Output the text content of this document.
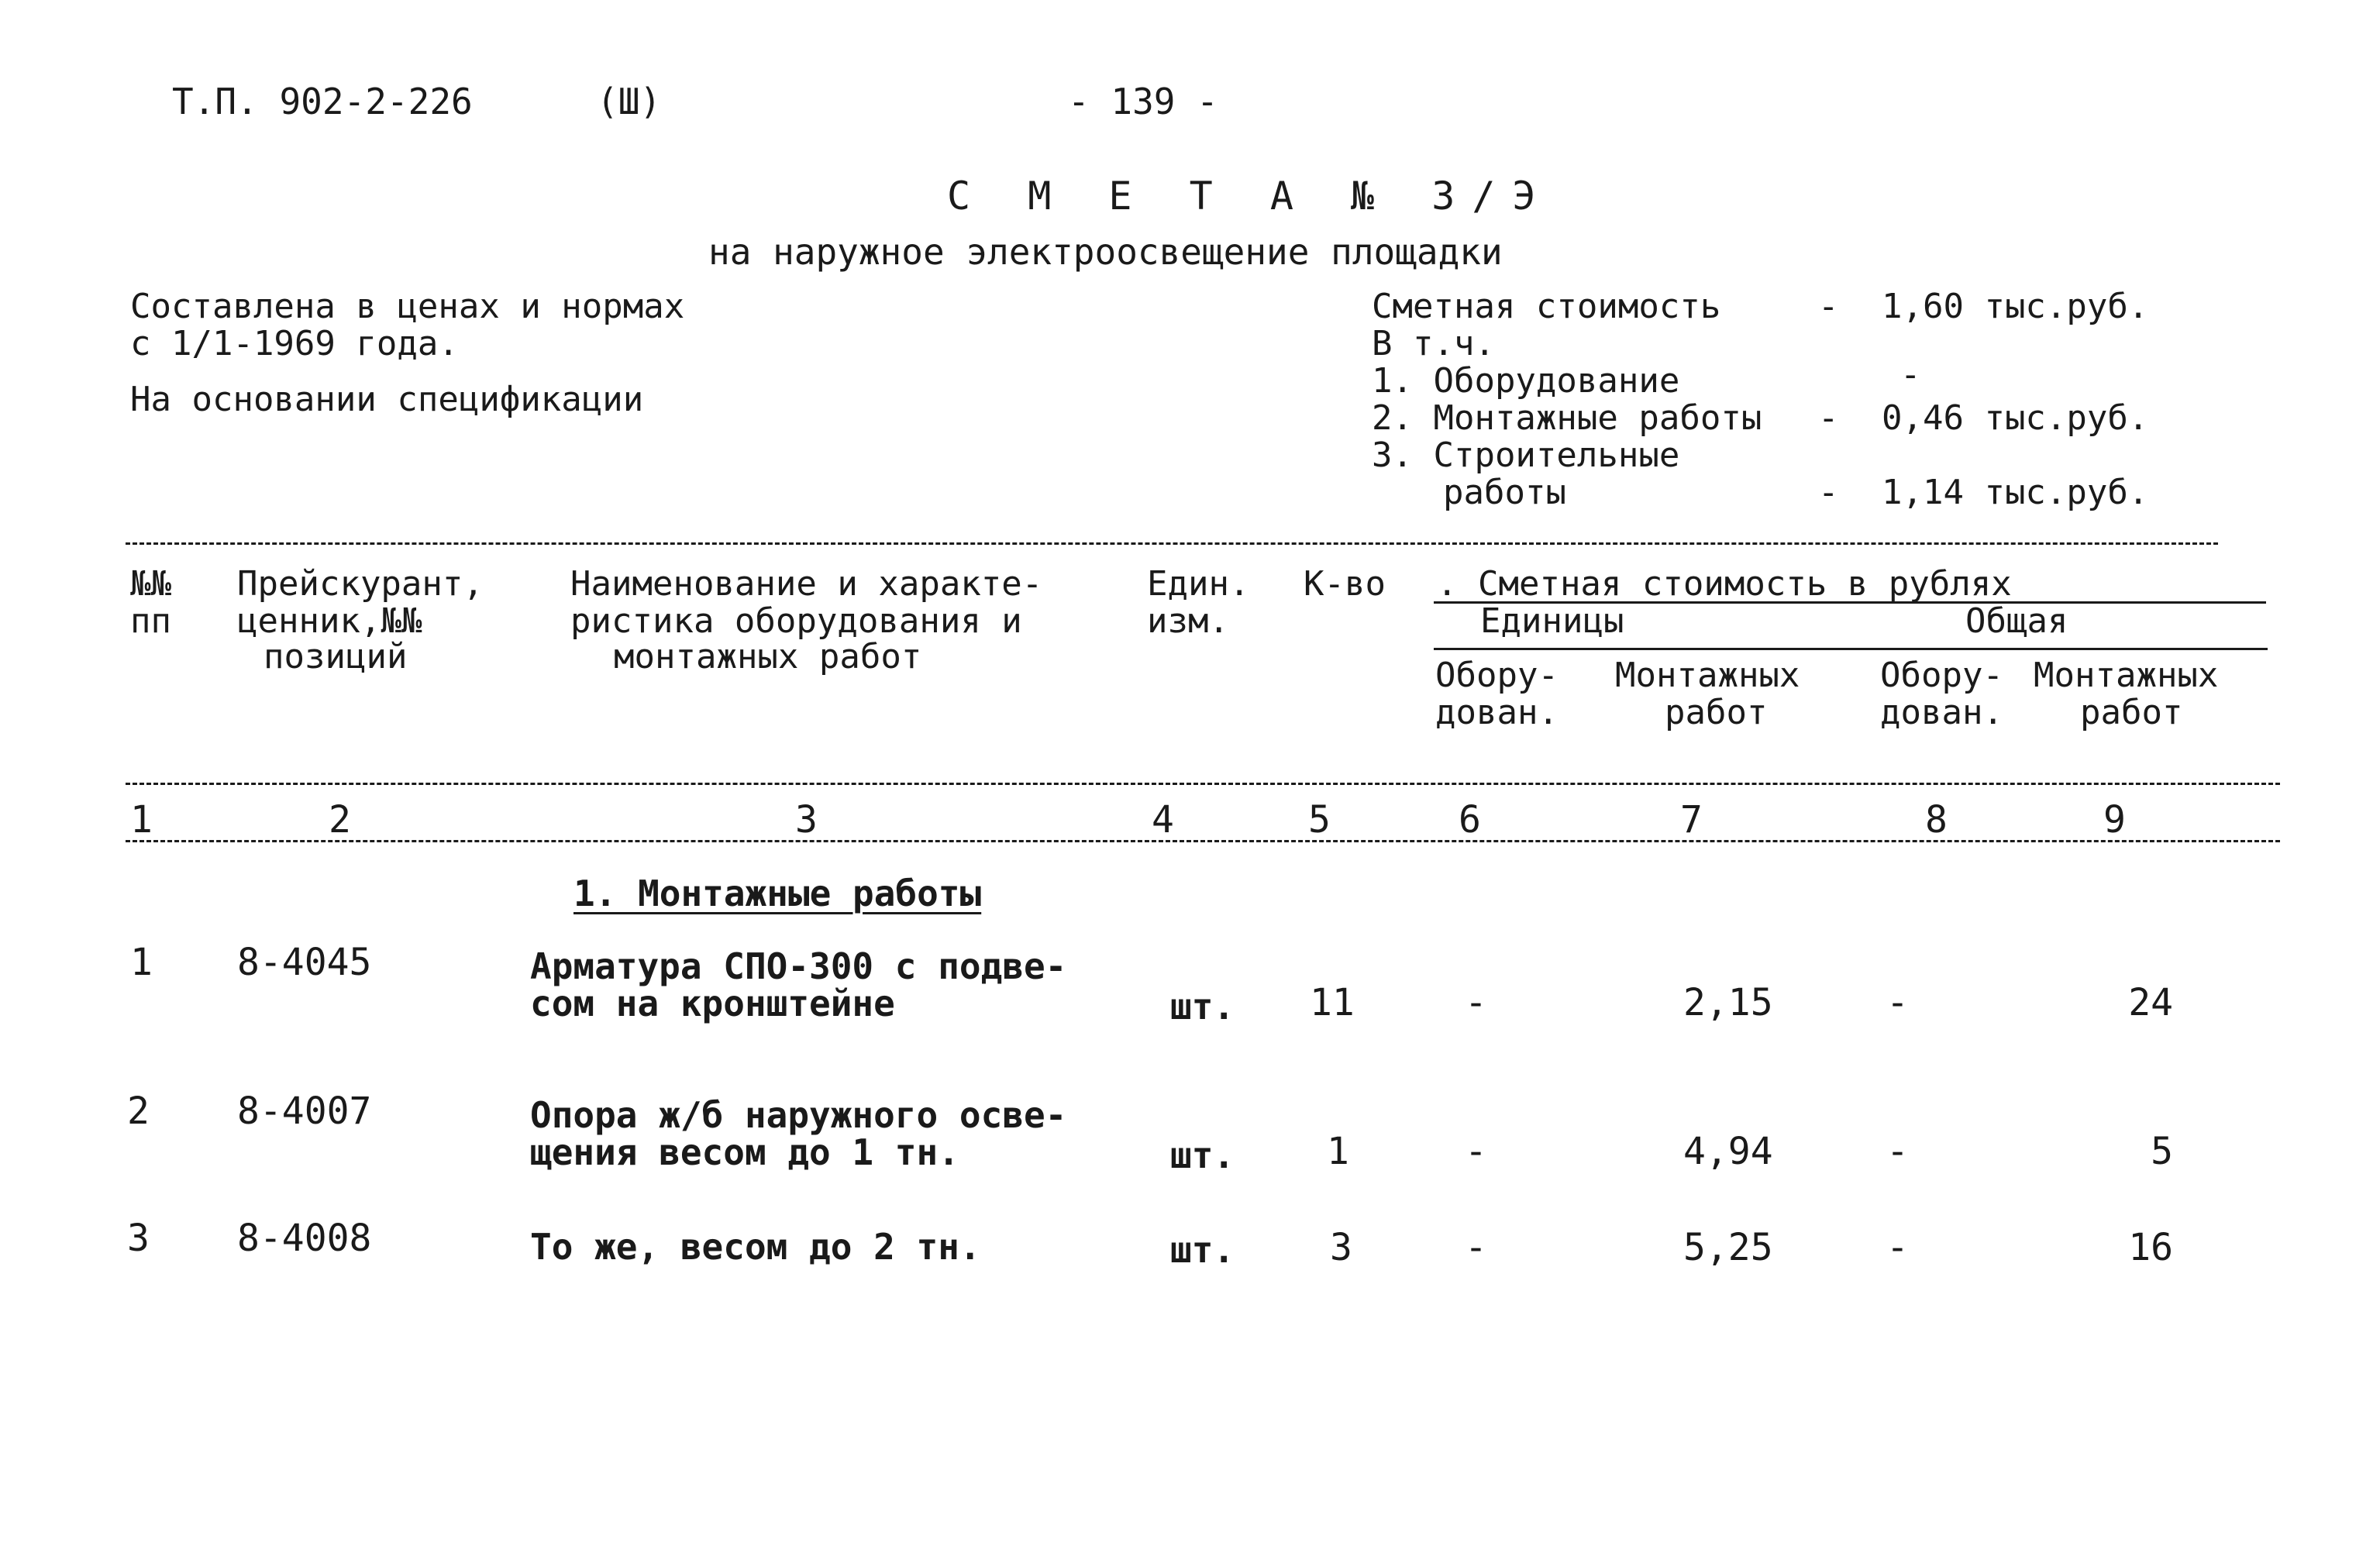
Т.П. 902-2-226	(Ш)	- 139 -
С М Е Т А № 3/Э
на наружное электроосвещение площадки
Составлена в ценах и нормах
с 1/1-1969 года.
На основании спецификации
Сметная стоимость	- 1,60 тыс.руб.
В т.ч.
1. Оборудование	-
2. Монтажные работы - 0,46 тыс.руб.
3. Строительные
работы	- 1,14 тыс.руб.
№№
пп
Прейскурант,
ценник,№№
позиций
Наименование и характе-
ристика оборудования и
монтажных работ
Един.
изм.
К-во . Сметная стоимость в рублях
Единицы	Общая
Обору-
дован.
Монтажных
работ
Обору-
дован.
Монтажных
работ
1	2	3	4	5	6	7	8	9
1. Монтажные работы
1 8-4045	Арматура СПО-300 с подве-
сом на кронштейне	шт. 11	-	2,15	-	24
2 8-4007	Опора ж/б наружного осве-
щения весом до 1 тн.	шт. 1	-	4,94	-	5
3 8-4008	То же, весом до 2 тн.	шт.	3	-	5,25	-	16
